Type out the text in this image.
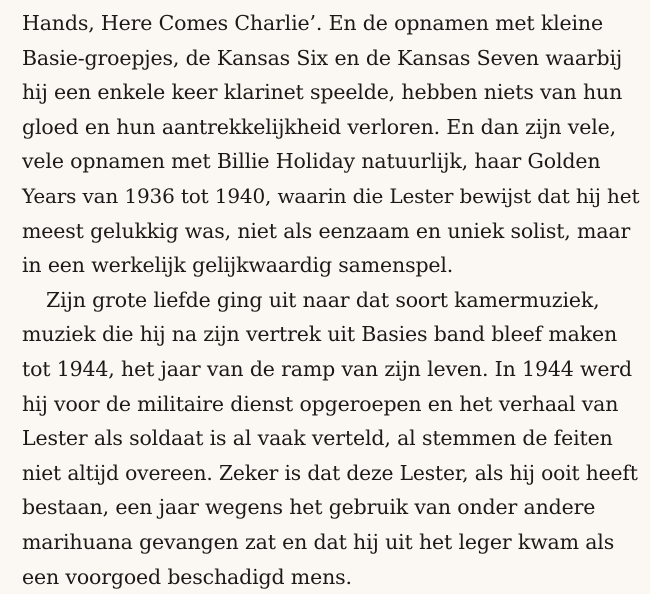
Hands, Here Comes Charlie’. En de opnamen met kleine
Basie-groepjes, de Kansas Six en de Kansas Seven waarbij
hij een enkele keer klarinet speelde, hebben niets van hun
gloed en hun aantrekkelijkheid verloren. En dan zijn vele,
vele opnamen met Billie Holiday natuurlijk, haar Golden
Years van 1936 tot 1940, waarin die Lester bewijst dat hij het
meest gelukkig was, niet als eenzaam en uniek solist, maar
in een werkelijk gelijkwaardig samenspel.
Zijn grote liefde ging uit naar dat soort kamermuziek,
muziek die hij na zijn vertrek uit Basies band bleef maken
tot 1944, het jaar van de ramp van zijn leven. In 1944 werd
hij voor de militaire dienst opgeroepen en het verhaal van
Lester als soldaat is al vaak verteld, al stemmen de feiten
niet altijd overeen. Zeker is dat deze Lester, als hij ooit heeft
bestaan, een jaar wegens het gebruik van onder andere
marihuana gevangen zat en dat hij uit het leger kwam als
een voorgoed beschadigd mens.
